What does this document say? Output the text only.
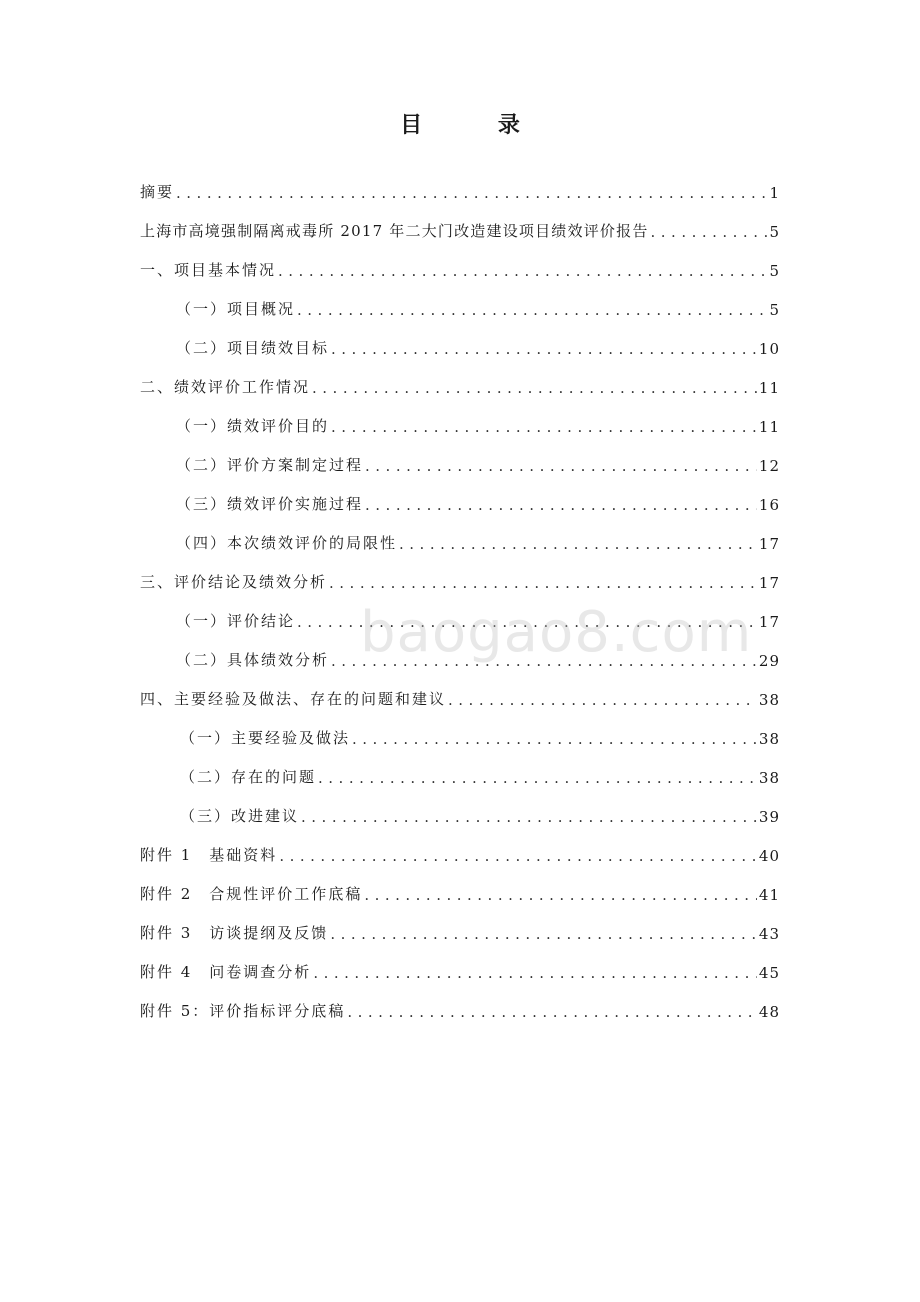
目 录
摘要 .....	1
上海市高境强制隔离戒毒所 2017 年二大门改造建设项目绩效评价报告 .....	5
一、项目基本情况 .....	5
（一）项目概况 .....	5
（二）项目绩效目标 .....	10
二、绩效评价工作情况 .....	11
（一）绩效评价目的 .....	11
（二）评价方案制定过程 .....	12
（三）绩效评价实施过程 .....	16
（四）本次绩效评价的局限性 .....	17
三、评价结论及绩效分析 .....	17
（一）评价结论 .....	17
（二）具体绩效分析 .....	29
四、主要经验及做法、存在的问题和建议 .....	38
（一）主要经验及做法 .....	38
（二）存在的问题 .....	38
（三）改进建议 .....	39
附件 1　基础资料 .....	40
附件 2　合规性评价工作底稿 .....	41
附件 3　访谈提纲及反馈 .....	43
附件 4　问卷调查分析 .....	45
附件 5：评价指标评分底稿 .....	48
baogao8.com
